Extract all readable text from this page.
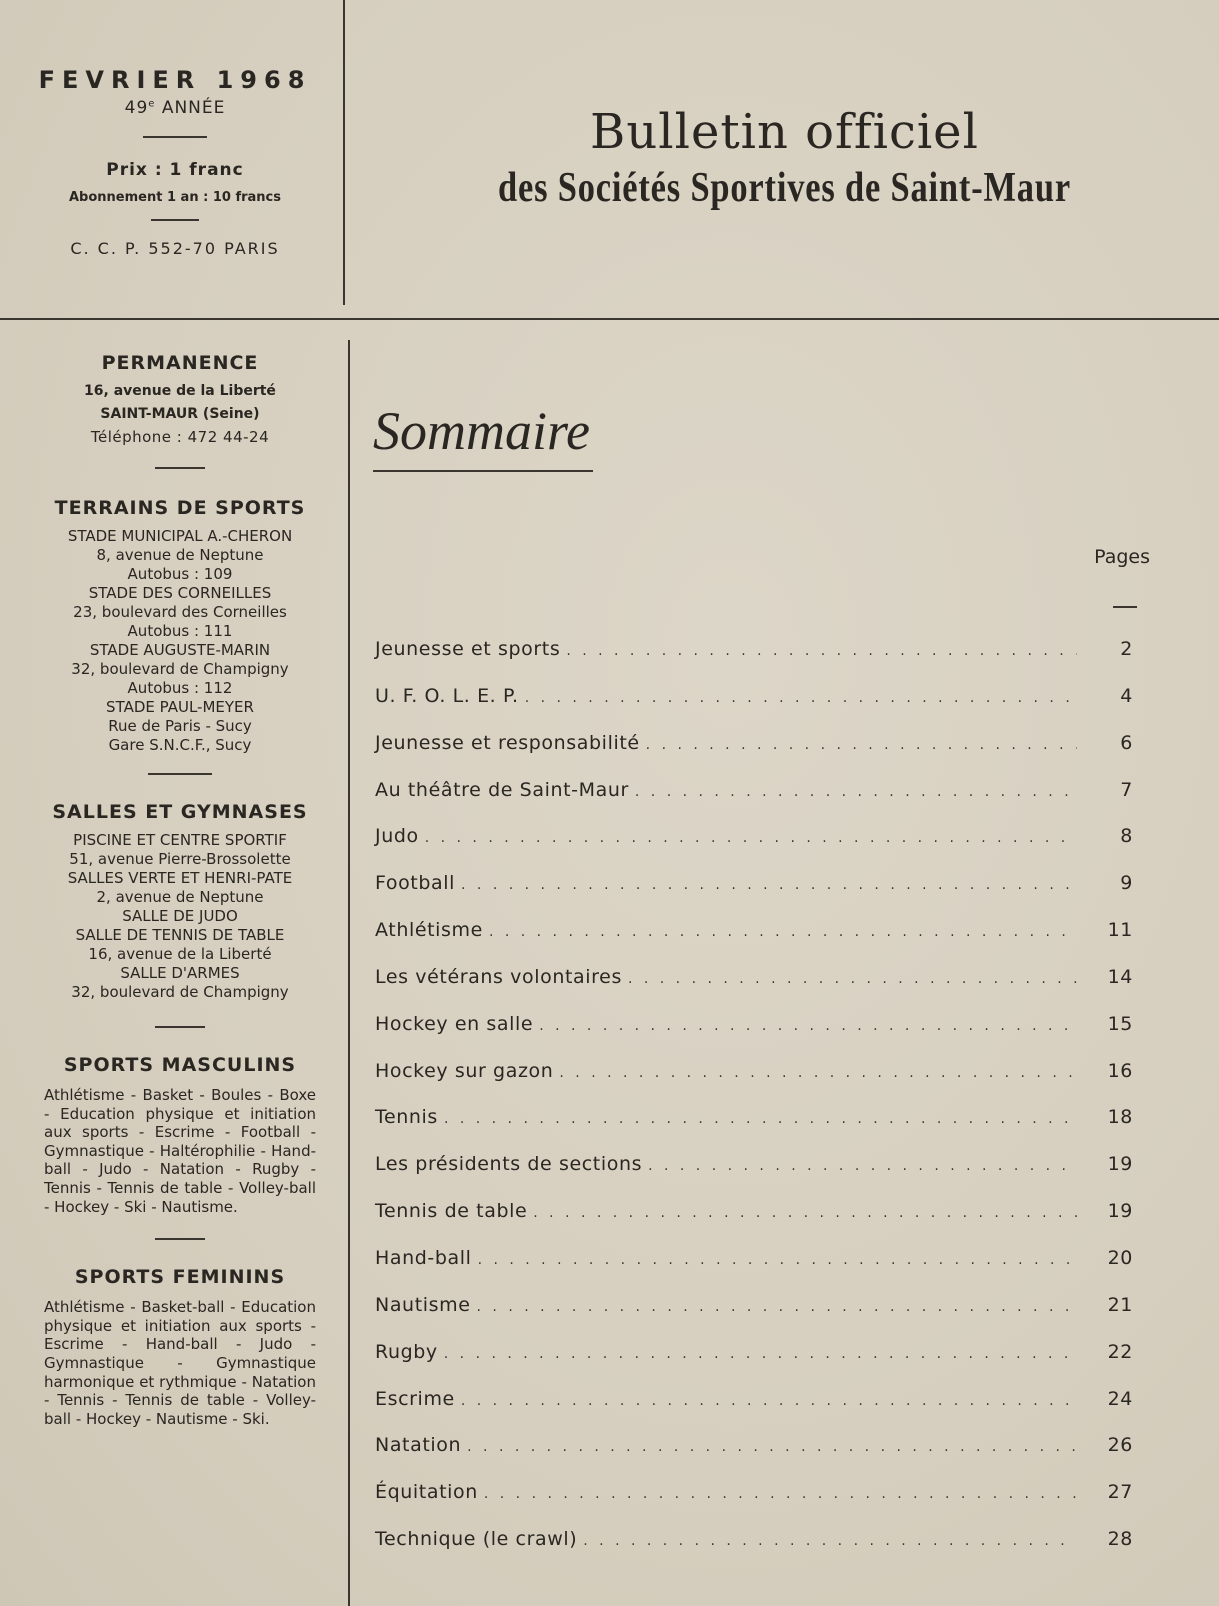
FEVRIER 1968
49e ANNÉE
Prix : 1 franc
Abonnement 1 an : 10 francs
C. C. P. 552-70 PARIS
Bulletin officiel
des Sociétés Sportives de Saint-Maur
PERMANENCE
16, avenue de la Liberté
SAINT-MAUR (Seine)
Téléphone : 472 44-24
TERRAINS DE SPORTS
STADE MUNICIPAL A.-CHERON
8, avenue de Neptune
Autobus : 109
STADE DES CORNEILLES
23, boulevard des Corneilles
Autobus : 111
STADE AUGUSTE-MARIN
32, boulevard de Champigny
Autobus : 112
STADE PAUL-MEYER
Rue de Paris - Sucy
Gare S.N.C.F., Sucy
SALLES ET GYMNASES
PISCINE ET CENTRE SPORTIF
51, avenue Pierre-Brossolette
SALLES VERTE ET HENRI-PATE
2, avenue de Neptune
SALLE DE JUDO
SALLE DE TENNIS DE TABLE
16, avenue de la Liberté
SALLE D'ARMES
32, boulevard de Champigny
SPORTS MASCULINS
Athlétisme - Basket - Boules - Boxe - Education physique et initiation aux sports - Escrime - Football - Gymnastique - Haltérophilie - Hand-ball - Judo - Natation - Rugby - Tennis - Tennis de table - Volley-ball - Hockey - Ski - Nautisme.
SPORTS FEMININS
Athlétisme - Basket-ball - Education physique et initiation aux sports - Escrime - Hand-ball - Judo - Gymnastique - Gymnastique harmonique et rythmique - Natation - Tennis - Tennis de table - Volley-ball - Hockey - Nautisme - Ski.
Sommaire
Pages
Jeunesse et sports . . .	2
U. F. O. L. E. P. . . .	4
Jeunesse et responsabilité . . .	6
Au théâtre de Saint-Maur . . .	7
Judo . . .	8
Football . . .	9
Athlétisme . . .	11
Les vétérans volontaires . . .	14
Hockey en salle . . .	15
Hockey sur gazon . . .	16
Tennis . . .	18
Les présidents de sections . . .	19
Tennis de table . . .	19
Hand-ball . . .	20
Nautisme . . .	21
Rugby . . .	22
Escrime . . .	24
Natation . . .	26
Équitation . . .	27
Technique (le crawl) . . .	28
